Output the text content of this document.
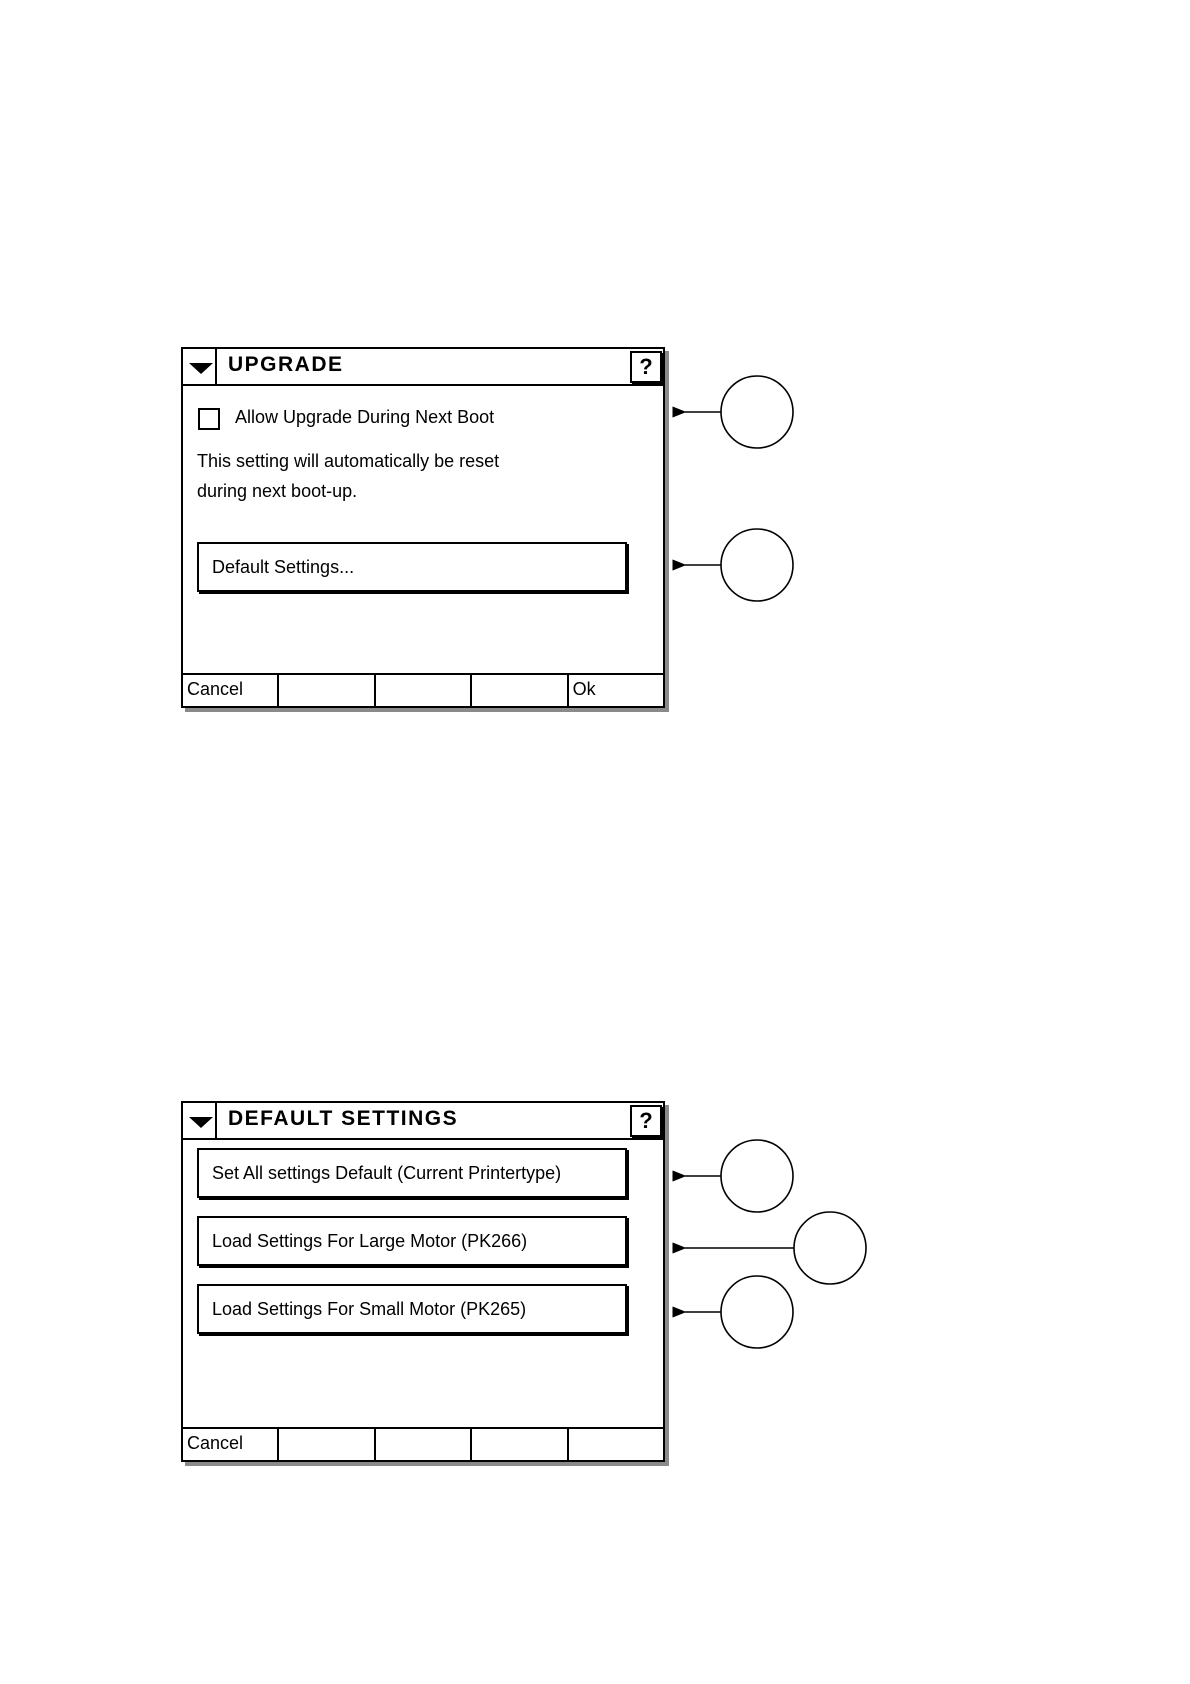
UPGRADE	?
Allow Upgrade During Next Boot
This setting will automatically be reset
during next boot-up.
Default Settings...
Cancel	Ok
DEFAULT SETTINGS	?
Set All settings Default (Current Printertype)
Load Settings For Large Motor (PK266)
Load Settings For Small Motor (PK265)
Cancel
